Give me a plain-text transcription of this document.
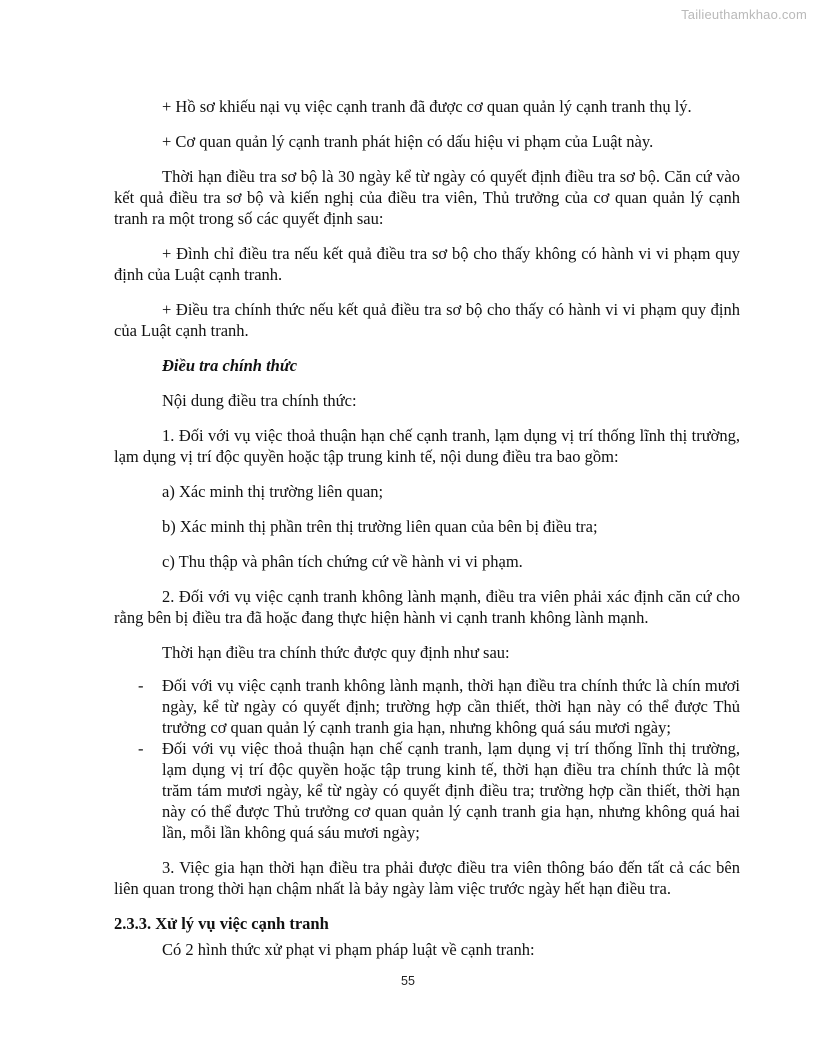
Tailieuthamkhao.com

+ Hồ sơ khiếu nại vụ việc cạnh tranh đã được cơ quan quản lý cạnh tranh thụ lý.

+ Cơ quan quản lý cạnh tranh phát hiện có dấu hiệu vi phạm của Luật này.

Thời hạn điều tra sơ bộ là 30 ngày kể từ ngày có quyết định điều tra sơ bộ. Căn cứ vào kết quả điều tra sơ bộ và kiến nghị của điều tra viên, Thủ trưởng của cơ quan quản lý cạnh tranh ra một trong số các quyết định sau:

+ Đình chỉ điều tra nếu kết quả điều tra sơ bộ cho thấy không có hành vi vi phạm quy định của Luật cạnh tranh.

+ Điều tra chính thức nếu kết quả điều tra sơ bộ cho thấy có hành vi vi phạm quy định của Luật cạnh tranh.

Điều tra chính thức

Nội dung điều tra chính thức:

1. Đối với vụ việc thoả thuận hạn chế cạnh tranh, lạm dụng vị trí thống lĩnh thị trường, lạm dụng vị trí độc quyền hoặc tập trung kinh tế, nội dung điều tra bao gồm:

a) Xác minh thị trường liên quan;

b) Xác minh thị phần trên thị trường liên quan của bên bị điều tra;

c) Thu thập và phân tích chứng cứ về hành vi vi phạm.

2. Đối với vụ việc cạnh tranh không lành mạnh, điều tra viên phải xác định căn cứ cho rằng bên bị điều tra đã hoặc đang thực hiện hành vi cạnh tranh không lành mạnh.

Thời hạn điều tra chính thức được quy định như sau:

- Đối với vụ việc cạnh tranh không lành mạnh, thời hạn điều tra chính thức là chín mươi ngày, kể từ ngày có quyết định; trường hợp cần thiết, thời hạn này có thể được Thủ trưởng cơ quan quản lý cạnh tranh gia hạn, nhưng không quá sáu mươi ngày;
- Đối với vụ việc thoả thuận hạn chế cạnh tranh, lạm dụng vị trí thống lĩnh thị trường, lạm dụng vị trí độc quyền hoặc tập trung kinh tế, thời hạn điều tra chính thức là một trăm tám mươi ngày, kể từ ngày có quyết định điều tra; trường hợp cần thiết, thời hạn này có thể được Thủ trưởng cơ quan quản lý cạnh tranh gia hạn, nhưng không quá hai lần, mỗi lần không quá sáu mươi ngày;

3. Việc gia hạn thời hạn điều tra phải được điều tra viên thông báo đến tất cả các bên liên quan trong thời hạn chậm nhất là bảy ngày làm việc trước ngày hết hạn điều tra.

2.3.3. Xử lý vụ việc cạnh tranh

Có 2 hình thức xử phạt vi phạm pháp luật về cạnh tranh:

55
